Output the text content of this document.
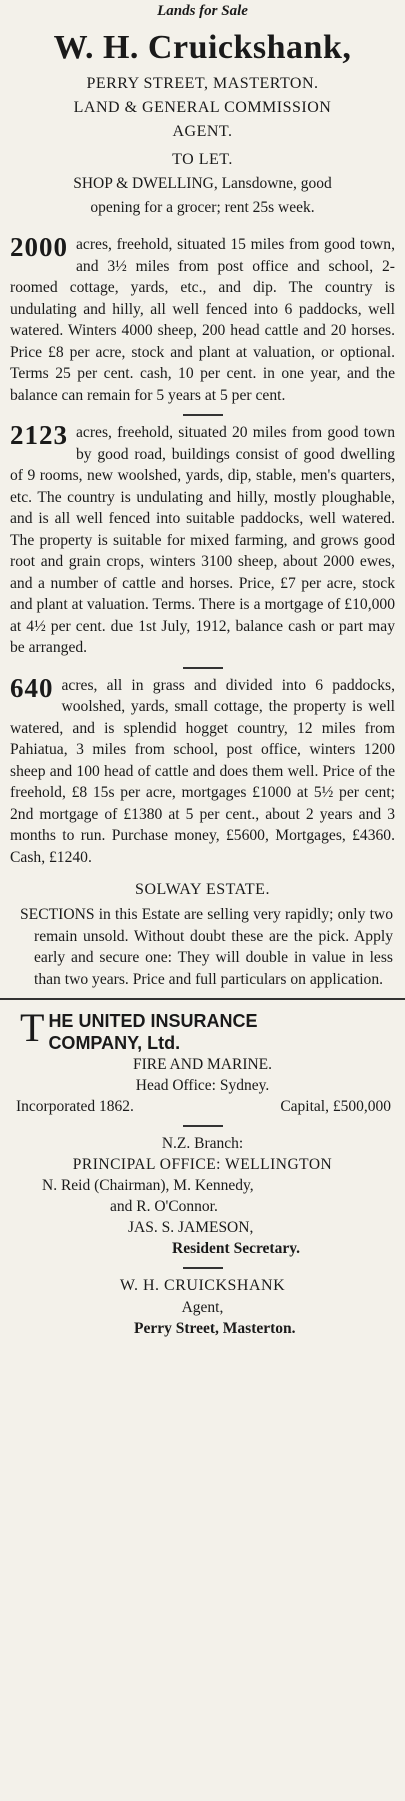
Lands for Sale
W. H. Cruickshank,
PERRY STREET, MASTERTON.
LAND & GENERAL COMMISSION
AGENT.
TO LET.
SHOP & DWELLING, Lansdowne, good
opening for a grocer; rent 25s week.
2000 acres, freehold, situated 15 miles from good town, and 3½ miles from post office and school, 2-roomed cottage, yards, etc., and dip. The country is undulating and hilly, all well fenced into 6 paddocks, well watered. Winters 4000 sheep, 200 head cattle and 20 horses. Price £8 per acre, stock and plant at valuation, or optional. Terms 25 per cent. cash, 10 per cent. in one year, and the balance can remain for 5 years at 5 per cent.
2123 acres, freehold, situated 20 miles from good town by good road, buildings consist of good dwelling of 9 rooms, new woolshed, yards, dip, stable, men's quarters, etc. The country is undulating and hilly, mostly ploughable, and is all well fenced into suitable paddocks, well watered. The property is suitable for mixed farming, and grows good root and grain crops, winters 3100 sheep, about 2000 ewes, and a number of cattle and horses. Price, £7 per acre, stock and plant at valuation. Terms. There is a mortgage of £10,000 at 4½ per cent. due 1st July, 1912, balance cash or part may be arranged.
640 acres, all in grass and divided into 6 paddocks, woolshed, yards, small cottage, the property is well watered, and is splendid hogget country, 12 miles from Pahiatua, 3 miles from school, post office, winters 1200 sheep and 100 head of cattle and does them well. Price of the freehold, £8 15s per acre, mortgages £1000 at 5½ per cent; 2nd mortgage of £1380 at 5 per cent., about 2 years and 3 months to run. Purchase money, £5600, Mortgages, £4360. Cash, £1240.
SOLWAY ESTATE.
SECTIONS in this Estate are selling very rapidly; only two remain unsold. Without doubt these are the pick. Apply early and secure one: They will double in value in less than two years. Price and full particulars on application.
T HE UNITED INSURANCE
COMPANY, Ltd.
FIRE AND MARINE.
Head Office: Sydney.
Incorporated 1862.	Capital, £500,000
N.Z. Branch:
PRINCIPAL OFFICE: WELLINGTON
N. Reid (Chairman), M. Kennedy,
and R. O'Connor.
JAS. S. JAMESON,
Resident Secretary.
W. H. CRUICKSHANK
Agent,
Perry Street, Masterton.
